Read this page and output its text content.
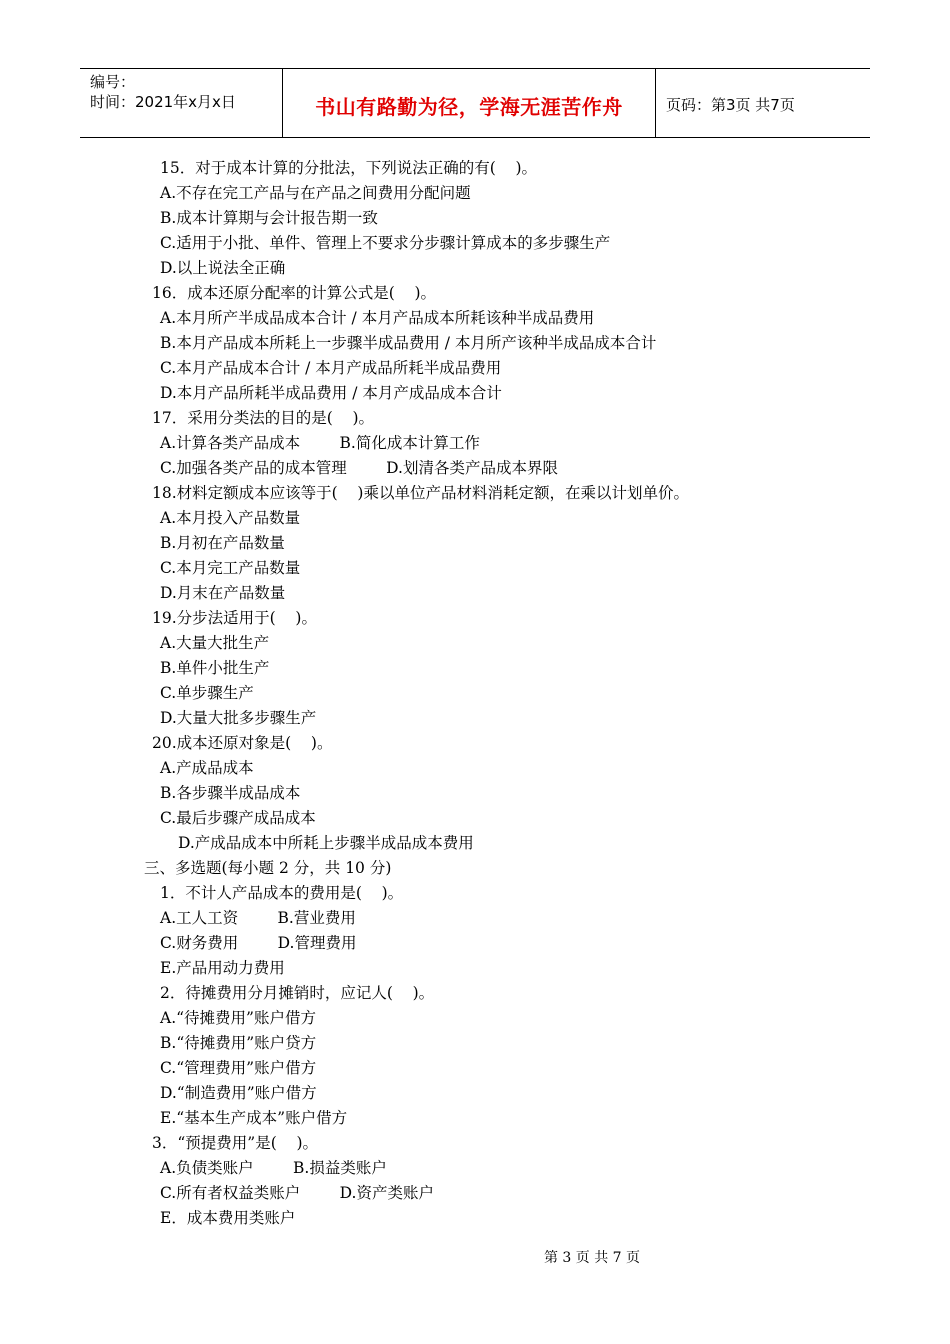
编号：
时间：2021年x月x日	书山有路勤为径，学海无涯苦作舟	页码：第3页 共7页
15．对于成本计算的分批法，下列说法正确的有(    )。
A.不存在完工产品与在产品之间费用分配问题
B.成本计算期与会计报告期一致
C.适用于小批、单件、管理上不要求分步骤计算成本的多步骤生产
D.以上说法全正确
16．成本还原分配率的计算公式是(    )。
A.本月所产半成品成本合计 / 本月产品成本所耗该种半成品费用
B.本月产品成本所耗上一步骤半成品费用 / 本月所产该种半成品成本合计
C.本月产品成本合计 / 本月产成品所耗半成品费用
D.本月产品所耗半成品费用 / 本月产成品成本合计
17．采用分类法的目的是(    )。
A.计算各类产品成本        B.简化成本计算工作
C.加强各类产品的成本管理        D.划清各类产品成本界限
18.材料定额成本应该等于(    )乘以单位产品材料消耗定额，在乘以计划单价。
A.本月投入产品数量
B.月初在产品数量
C.本月完工产品数量
D.月末在产品数量
19.分步法适用于(    )。
A.大量大批生产
B.单件小批生产
C.单步骤生产
D.大量大批多步骤生产
20.成本还原对象是(    )。
A.产成品成本
B.各步骤半成品成本
C.最后步骤产成品成本
D.产成品成本中所耗上步骤半成品成本费用
三、多选题(每小题 2 分，共 10 分)
1．不计人产品成本的费用是(    )。
A.工人工资        B.营业费用
C.财务费用        D.管理费用
E.产品用动力费用
2．待摊费用分月摊销时，应记人(    )。
A.“待摊费用”账户借方
B.“待摊费用”账户贷方
C.“管理费用”账户借方
D.“制造费用”账户借方
E.“基本生产成本”账户借方
3．“预提费用”是(    )。
A.负债类账户        B.损益类账户
C.所有者权益类账户        D.资产类账户
E．成本费用类账户
第 3 页 共 7 页
